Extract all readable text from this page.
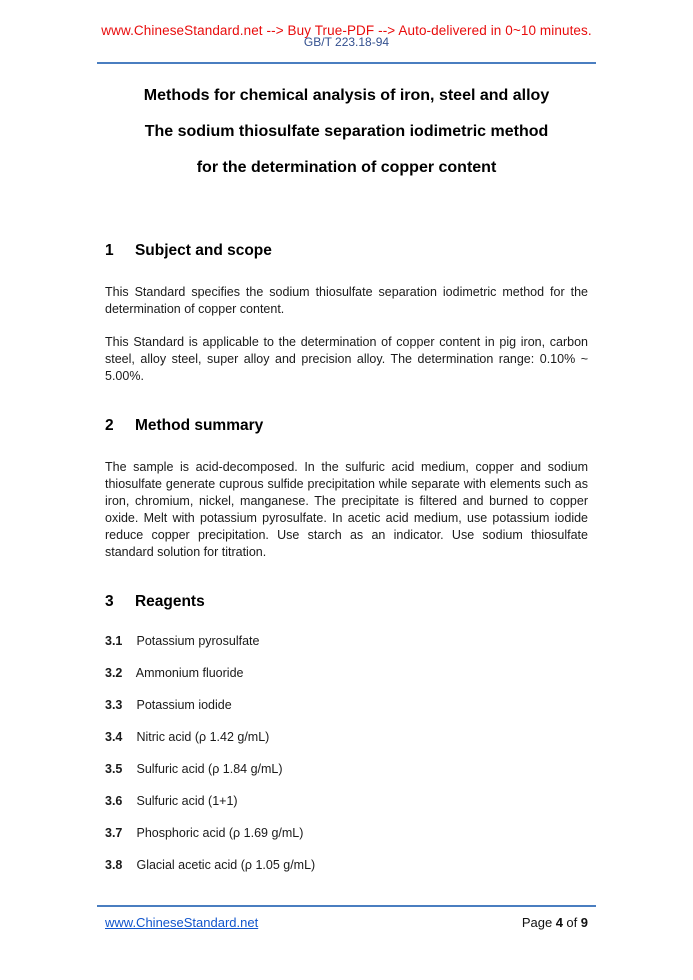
www.ChineseStandard.net --> Buy True-PDF --> Auto-delivered in 0~10 minutes.
GB/T 223.18-94
Methods for chemical analysis of iron, steel and alloy
The sodium thiosulfate separation iodimetric method
for the determination of copper content
1 Subject and scope

This Standard specifies the sodium thiosulfate separation iodimetric method for the determination of copper content.

This Standard is applicable to the determination of copper content in pig iron, carbon steel, alloy steel, super alloy and precision alloy. The determination range: 0.10% ~ 5.00%.

2 Method summary

The sample is acid-decomposed. In the sulfuric acid medium, copper and sodium thiosulfate generate cuprous sulfide precipitation while separate with elements such as iron, chromium, nickel, manganese. The precipitate is filtered and burned to copper oxide. Melt with potassium pyrosulfate. In acetic acid medium, use potassium iodide reduce copper precipitation. Use starch as an indicator. Use sodium thiosulfate standard solution for titration.

3 Reagents
3.1 Potassium pyrosulfate
3.2 Ammonium fluoride
3.3 Potassium iodide
3.4 Nitric acid (ρ 1.42 g/mL)
3.5 Sulfuric acid (ρ 1.84 g/mL)
3.6 Sulfuric acid (1+1)
3.7 Phosphoric acid (ρ 1.69 g/mL)
3.8 Glacial acetic acid (ρ 1.05 g/mL)
www.ChineseStandard.net	Page 4 of 9
